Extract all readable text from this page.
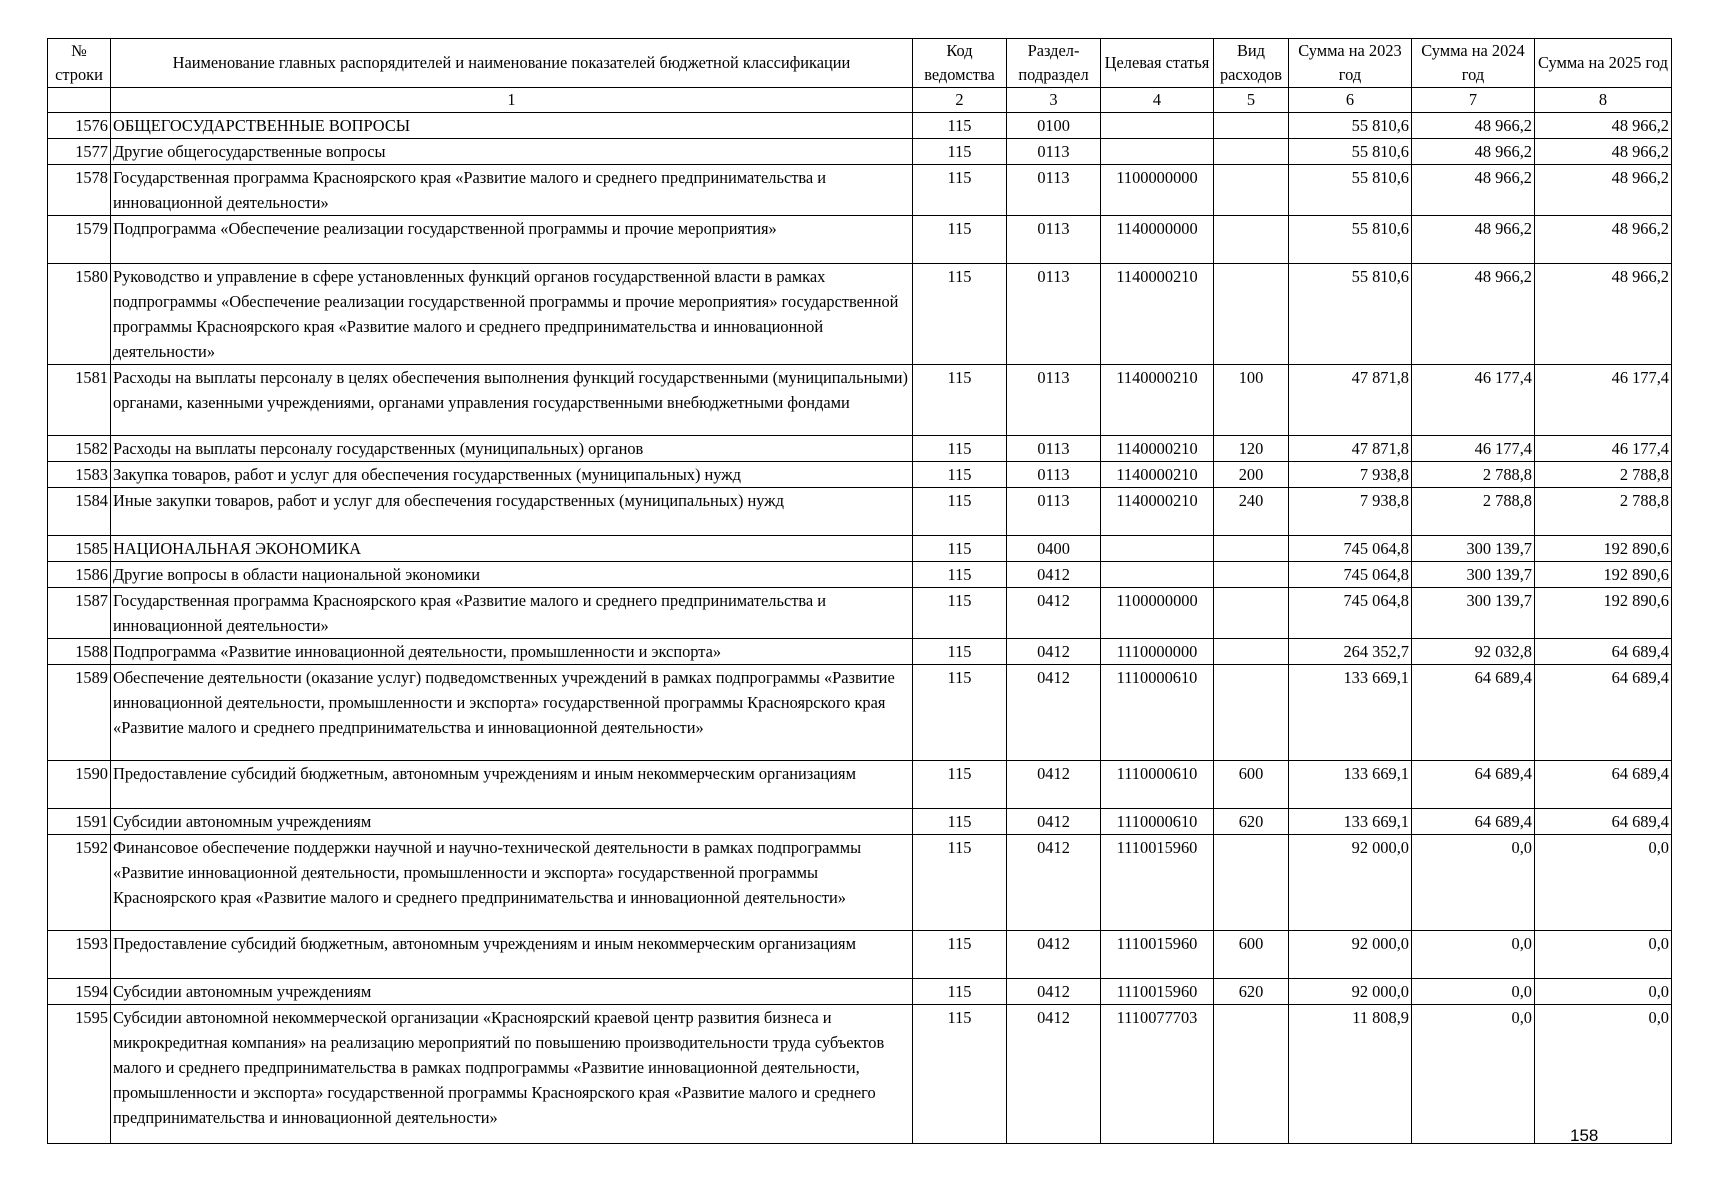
№ строки	Наименование главных распорядителей и наименование показателей бюджетной классификации	Код ведомства	Раздел-подраздел	Целевая статья	Вид расходов	Сумма на 2023 год	Сумма на 2024 год	Сумма на 2025 год
	1	2	3	4	5	6	7	8
1576	ОБЩЕГОСУДАРСТВЕННЫЕ ВОПРОСЫ	115	0100			55 810,6	48 966,2	48 966,2
1577	Другие общегосударственные вопросы	115	0113			55 810,6	48 966,2	48 966,2
1578	Государственная программа Красноярского края «Развитие малого и среднего предпринимательства и инновационной деятельности»	115	0113	1100000000		55 810,6	48 966,2	48 966,2
1579	Подпрограмма «Обеспечение реализации государственной программы и прочие мероприятия»	115	0113	1140000000		55 810,6	48 966,2	48 966,2
1580	Руководство и управление в сфере установленных функций органов государственной власти в рамках подпрограммы «Обеспечение реализации государственной программы и прочие мероприятия» государственной программы Красноярского края «Развитие малого и среднего предпринимательства и инновационной деятельности»	115	0113	1140000210		55 810,6	48 966,2	48 966,2
1581	Расходы на выплаты персоналу в целях обеспечения выполнения функций государственными (муниципальными) органами, казенными учреждениями, органами управления государственными внебюджетными фондами	115	0113	1140000210	100	47 871,8	46 177,4	46 177,4
1582	Расходы на выплаты персоналу государственных (муниципальных) органов	115	0113	1140000210	120	47 871,8	46 177,4	46 177,4
1583	Закупка товаров, работ и услуг для обеспечения государственных (муниципальных) нужд	115	0113	1140000210	200	7 938,8	2 788,8	2 788,8
1584	Иные закупки товаров, работ и услуг для обеспечения государственных (муниципальных) нужд	115	0113	1140000210	240	7 938,8	2 788,8	2 788,8
1585	НАЦИОНАЛЬНАЯ ЭКОНОМИКА	115	0400			745 064,8	300 139,7	192 890,6
1586	Другие вопросы в области национальной экономики	115	0412			745 064,8	300 139,7	192 890,6
1587	Государственная программа Красноярского края «Развитие малого и среднего предпринимательства и инновационной деятельности»	115	0412	1100000000		745 064,8	300 139,7	192 890,6
1588	Подпрограмма «Развитие инновационной деятельности, промышленности и экспорта»	115	0412	1110000000		264 352,7	92 032,8	64 689,4
1589	Обеспечение деятельности (оказание услуг) подведомственных учреждений в рамках подпрограммы «Развитие инновационной деятельности, промышленности и экспорта» государственной программы Красноярского края «Развитие малого и среднего предпринимательства и инновационной деятельности»	115	0412	1110000610		133 669,1	64 689,4	64 689,4
1590	Предоставление субсидий бюджетным, автономным учреждениям и иным некоммерческим организациям	115	0412	1110000610	600	133 669,1	64 689,4	64 689,4
1591	Субсидии автономным учреждениям	115	0412	1110000610	620	133 669,1	64 689,4	64 689,4
1592	Финансовое обеспечение поддержки научной и научно-технической деятельности в рамках подпрограммы «Развитие инновационной деятельности, промышленности и экспорта» государственной программы Красноярского края «Развитие малого и среднего предпринимательства и инновационной деятельности»	115	0412	1110015960		92 000,0	0,0	0,0
1593	Предоставление субсидий бюджетным, автономным учреждениям и иным некоммерческим организациям	115	0412	1110015960	600	92 000,0	0,0	0,0
1594	Субсидии автономным учреждениям	115	0412	1110015960	620	92 000,0	0,0	0,0
1595	Субсидии автономной некоммерческой организации «Красноярский краевой центр развития бизнеса и микрокредитная компания» на реализацию мероприятий по повышению производительности труда субъектов малого и среднего предпринимательства в рамках подпрограммы «Развитие инновационной деятельности, промышленности и экспорта» государственной программы Красноярского края «Развитие малого и среднего предпринимательства и инновационной деятельности»	115	0412	1110077703		11 808,9	0,0	0,0
158
